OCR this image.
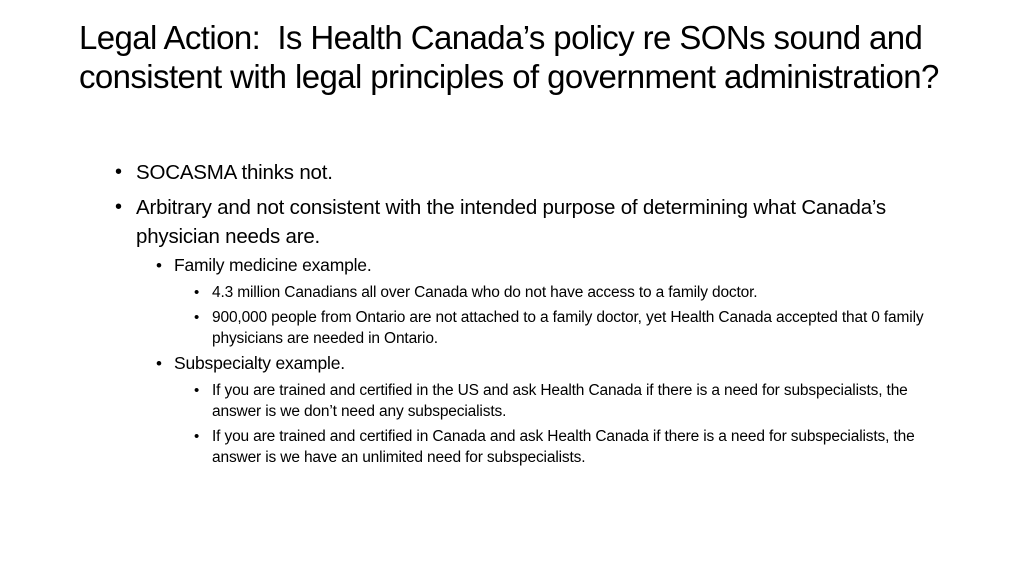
Legal Action:  Is Health Canada’s policy re SONs sound and consistent with legal principles of government administration?

• SOCASMA thinks not.

• Arbitrary and not consistent with the intended purpose of determining what Canada’s physician needs are.

• Family medicine example.

• 4.3 million Canadians all over Canada who do not have access to a family doctor.

• 900,000 people from Ontario are not attached to a family doctor, yet Health Canada accepted that 0 family physicians are needed in Ontario.

• Subspecialty example.

• If you are trained and certified in the US and ask Health Canada if there is a need for subspecialists, the answer is we don’t need any subspecialists.

• If you are trained and certified in Canada and ask Health Canada if there is a need for subspecialists, the answer is we have an unlimited need for subspecialists.
